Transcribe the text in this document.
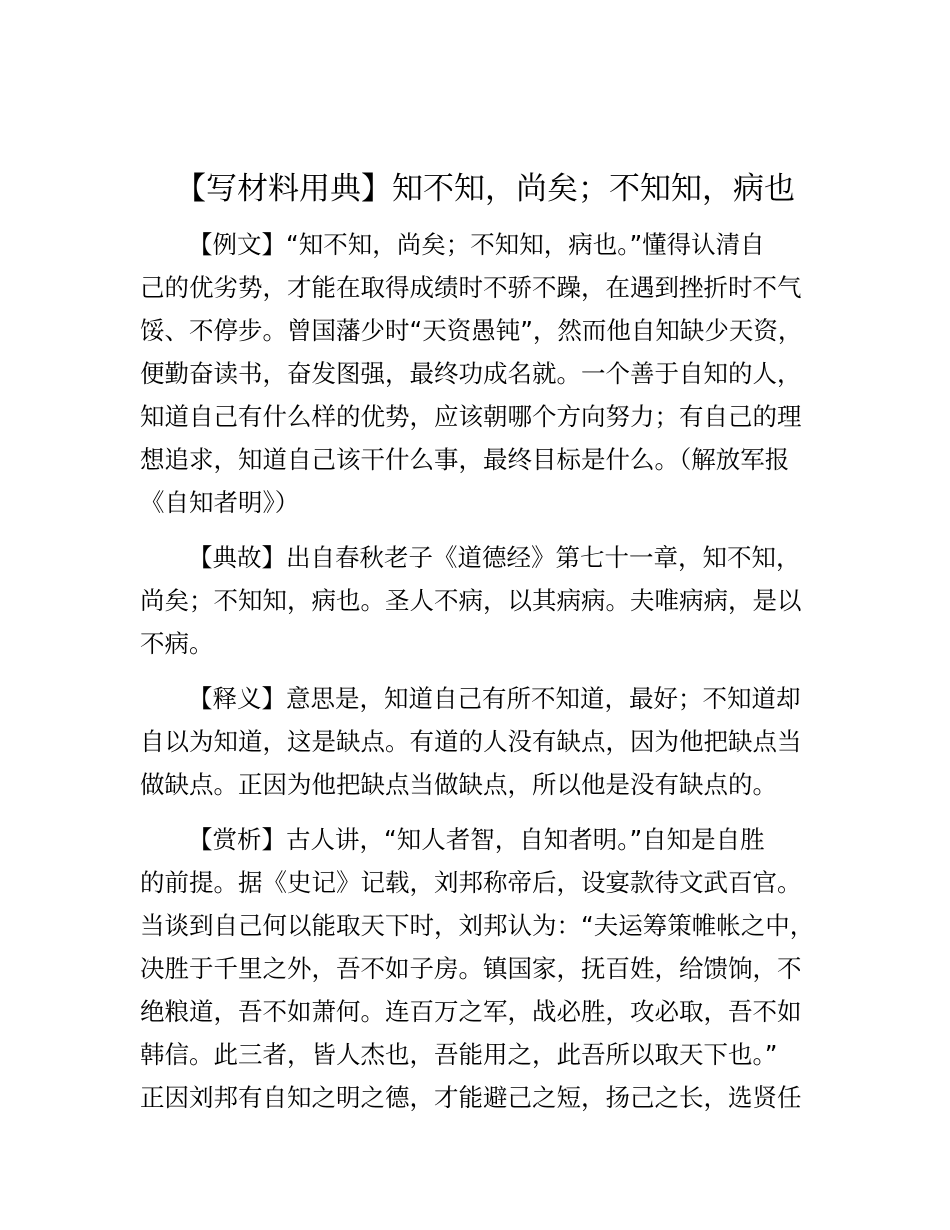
【写材料用典】知不知，尚矣；不知知，病也
【例文】“知不知，尚矣；不知知，病也。”懂得认清自
己的优劣势，才能在取得成绩时不骄不躁，在遇到挫折时不气
馁、不停步。曾国藩少时“天资愚钝”，然而他自知缺少天资，
便勤奋读书，奋发图强，最终功成名就。一个善于自知的人，
知道自己有什么样的优势，应该朝哪个方向努力；有自己的理
想追求，知道自己该干什么事，最终目标是什么。（解放军报
《自知者明》）
【典故】出自春秋老子《道德经》第七十一章，知不知，
尚矣；不知知，病也。圣人不病，以其病病。夫唯病病，是以
不病。
【释义】意思是，知道自己有所不知道，最好；不知道却
自以为知道，这是缺点。有道的人没有缺点，因为他把缺点当
做缺点。正因为他把缺点当做缺点，所以他是没有缺点的。
【赏析】古人讲，“知人者智，自知者明。”自知是自胜
的前提。据《史记》记载，刘邦称帝后，设宴款待文武百官。
当谈到自己何以能取天下时，刘邦认为：“夫运筹策帷帐之中，
决胜于千里之外，吾不如子房。镇国家，抚百姓，给馈饷，不
绝粮道，吾不如萧何。连百万之军，战必胜，攻必取，吾不如
韩信。此三者，皆人杰也，吾能用之，此吾所以取天下也。”
正因刘邦有自知之明之德，才能避己之短，扬己之长，选贤任
